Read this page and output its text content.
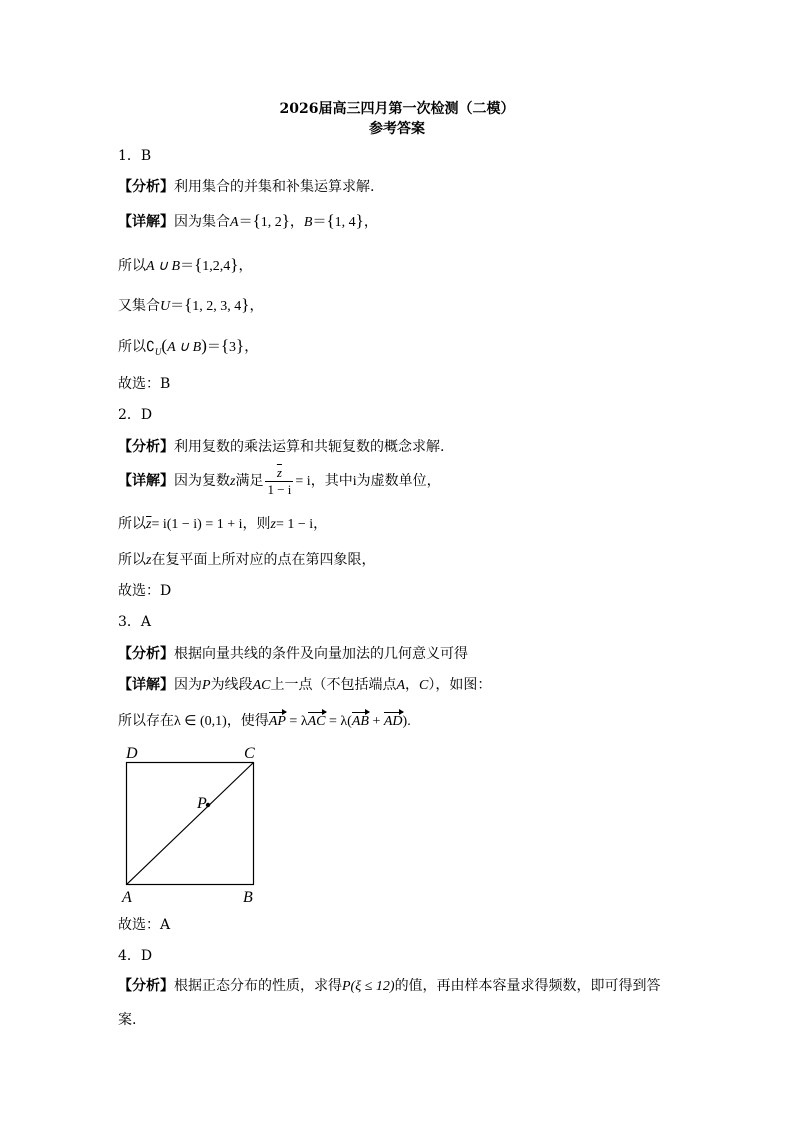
2026届高三四月第一次检测（二模）
参考答案
1．B
【分析】利用集合的并集和补集运算求解.
【详解】因为集合A＝{1, 2}，B＝{1, 4}，
所以A ∪ B＝{1,2,4}，
又集合U＝{1, 2, 3, 4}，
所以$∁_U(A$ ∪ B)＝{3}，
故选：B
2．D
【分析】利用复数的乘法运算和共轭复数的概念求解.
【详解】因为复数z满足 $\frac{\overline{z}}{1 - i} = i$，其中i为虚数单位，
所以$\overline{z}= i(1 - i) = 1 + i$，则z= 1 − i，
所以z在复平面上所对应的点在第四象限，
故选：D
3．A
【分析】根据向量共线的条件及向量加法的几何意义可得
【详解】因为P为线段AC上一点（不包括端点A，C），如图：
所以存在λ ∈ (0,1)，使得AP = λAC = λ(AB + AD).
D	C
P
A	B
故选：A
4．D
【分析】根据正态分布的性质，求得P(ξ ≤ 12)的值，再由样本容量求得频数，即可得到答
案.
